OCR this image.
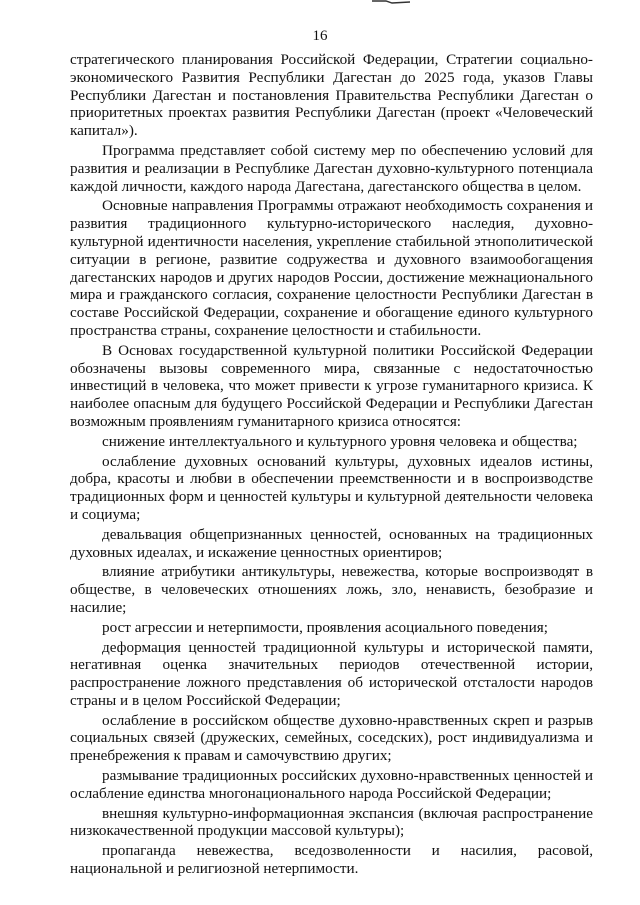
16

стратегического планирования Российской Федерации, Стратегии социально-экономического Развития Республики Дагестан до 2025 года, указов Главы Республики Дагестан и постановления Правительства Республики Дагестан о приоритетных проектах развития Республики Дагестан (проект «Человеческий капитал»).

Программа представляет собой систему мер по обеспечению условий для развития и реализации в Республике Дагестан духовно-культурного потенциала каждой личности, каждого народа Дагестана, дагестанского общества в целом.

Основные направления Программы отражают необходимость сохранения и развития традиционного культурно-исторического наследия, духовно-культурной идентичности населения, укрепление стабильной этнополитической ситуации в регионе, развитие содружества и духовного взаимообогащения дагестанских народов и других народов России, достижение межнационального мира и гражданского согласия, сохранение целостности Республики Дагестан в составе Российской Федерации, сохранение и обогащение единого культурного пространства страны, сохранение целостности и стабильности.

В Основах государственной культурной политики Российской Федерации обозначены вызовы современного мира, связанные с недостаточностью инвестиций в человека, что может привести к угрозе гуманитарного кризиса. К наиболее опасным для будущего Российской Федерации и Республики Дагестан возможным проявлениям гуманитарного кризиса относятся:

снижение интеллектуального и культурного уровня человека и общества;

ослабление духовных оснований культуры, духовных идеалов истины, добра, красоты и любви в обеспечении преемственности и в воспроизводстве традиционных форм и ценностей культуры и культурной деятельности человека и социума;

девальвация общепризнанных ценностей, основанных на традиционных духовных идеалах, и искажение ценностных ориентиров;

влияние атрибутики антикультуры, невежества, которые воспроизводят в обществе, в человеческих отношениях ложь, зло, ненависть, безобразие и насилие;

рост агрессии и нетерпимости, проявления асоциального поведения;

деформация ценностей традиционной культуры и исторической памяти, негативная оценка значительных периодов отечественной истории, распространение ложного представления об исторической отсталости народов страны и в целом Российской Федерации;

ослабление в российском обществе духовно-нравственных скреп и разрыв социальных связей (дружеских, семейных, соседских), рост индивидуализма и пренебрежения к правам и самочувствию других;

размывание традиционных российских духовно-нравственных ценностей и ослабление единства многонационального народа Российской Федерации;

внешняя культурно-информационная экспансия (включая распространение низкокачественной продукции массовой культуры);

пропаганда невежества, вседозволенности и насилия, расовой, национальной и религиозной нетерпимости.
